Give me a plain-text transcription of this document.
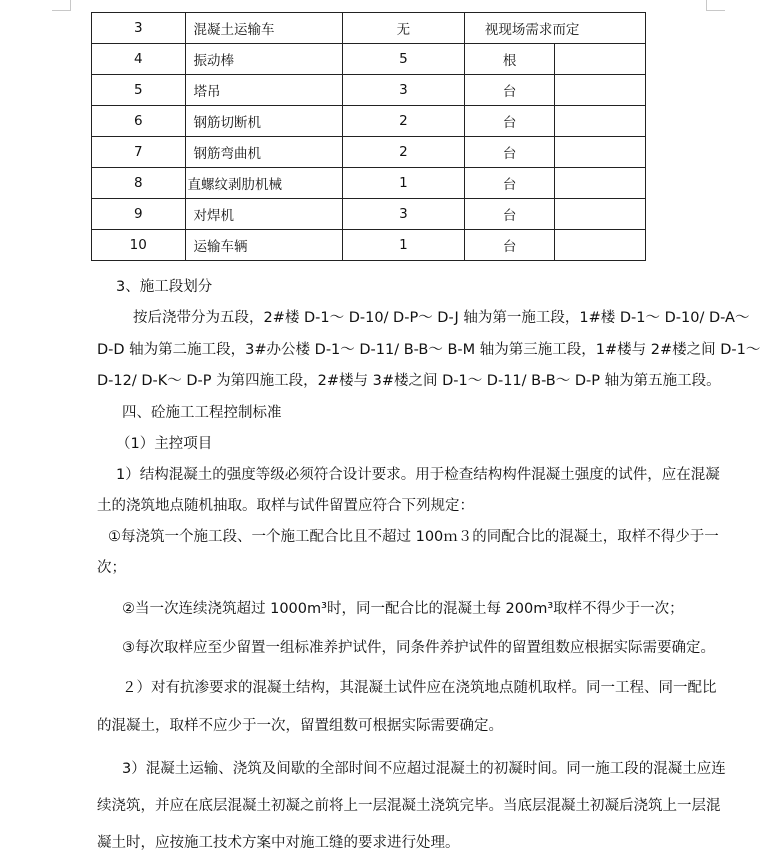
3	混凝土运输车	无	视现场需求而定	
4	振动棒	5	根	
5	塔吊	3	台	
6	钢筋切断机	2	台	
7	钢筋弯曲机	2	台	
8	直螺纹剥肋机械	1	台	
9	对焊机	3	台	
10	运输车辆	1	台	
3、施工段划分
按后浇带分为五段，2#楼 D-1～ D-10/ D-P～ D-J 轴为第一施工段，1#楼 D-1～ D-10/ D-A～
D-D 轴为第二施工段，3#办公楼 D-1～ D-11/ B-B～ B-M 轴为第三施工段，1#楼与 2#楼之间 D-1～
D-12/ D-K～ D-P 为第四施工段，2#楼与 3#楼之间 D-1～ D-11/ B-B～ D-P 轴为第五施工段。
四、砼施工工程控制标准
（1）主控项目
1）结构混凝土的强度等级必须符合设计要求。用于检查结构构件混凝土强度的试件，应在混凝
土的浇筑地点随机抽取。取样与试件留置应符合下列规定：
①每浇筑一个施工段、一个施工配合比且不超过 100ｍ３的同配合比的混凝土，取样不得少于一
次；
②当一次连续浇筑超过 1000m³时，同一配合比的混凝土每 200m³取样不得少于一次；
③每次取样应至少留置一组标准养护试件，同条件养护试件的留置组数应根据实际需要确定。
２）对有抗渗要求的混凝土结构，其混凝土试件应在浇筑地点随机取样。同一工程、同一配比
的混凝土，取样不应少于一次，留置组数可根据实际需要确定。
3）混凝土运输、浇筑及间歇的全部时间不应超过混凝土的初凝时间。同一施工段的混凝土应连
续浇筑，并应在底层混凝土初凝之前将上一层混凝土浇筑完毕。当底层混凝土初凝后浇筑上一层混
凝土时，应按施工技术方案中对施工缝的要求进行处理。
